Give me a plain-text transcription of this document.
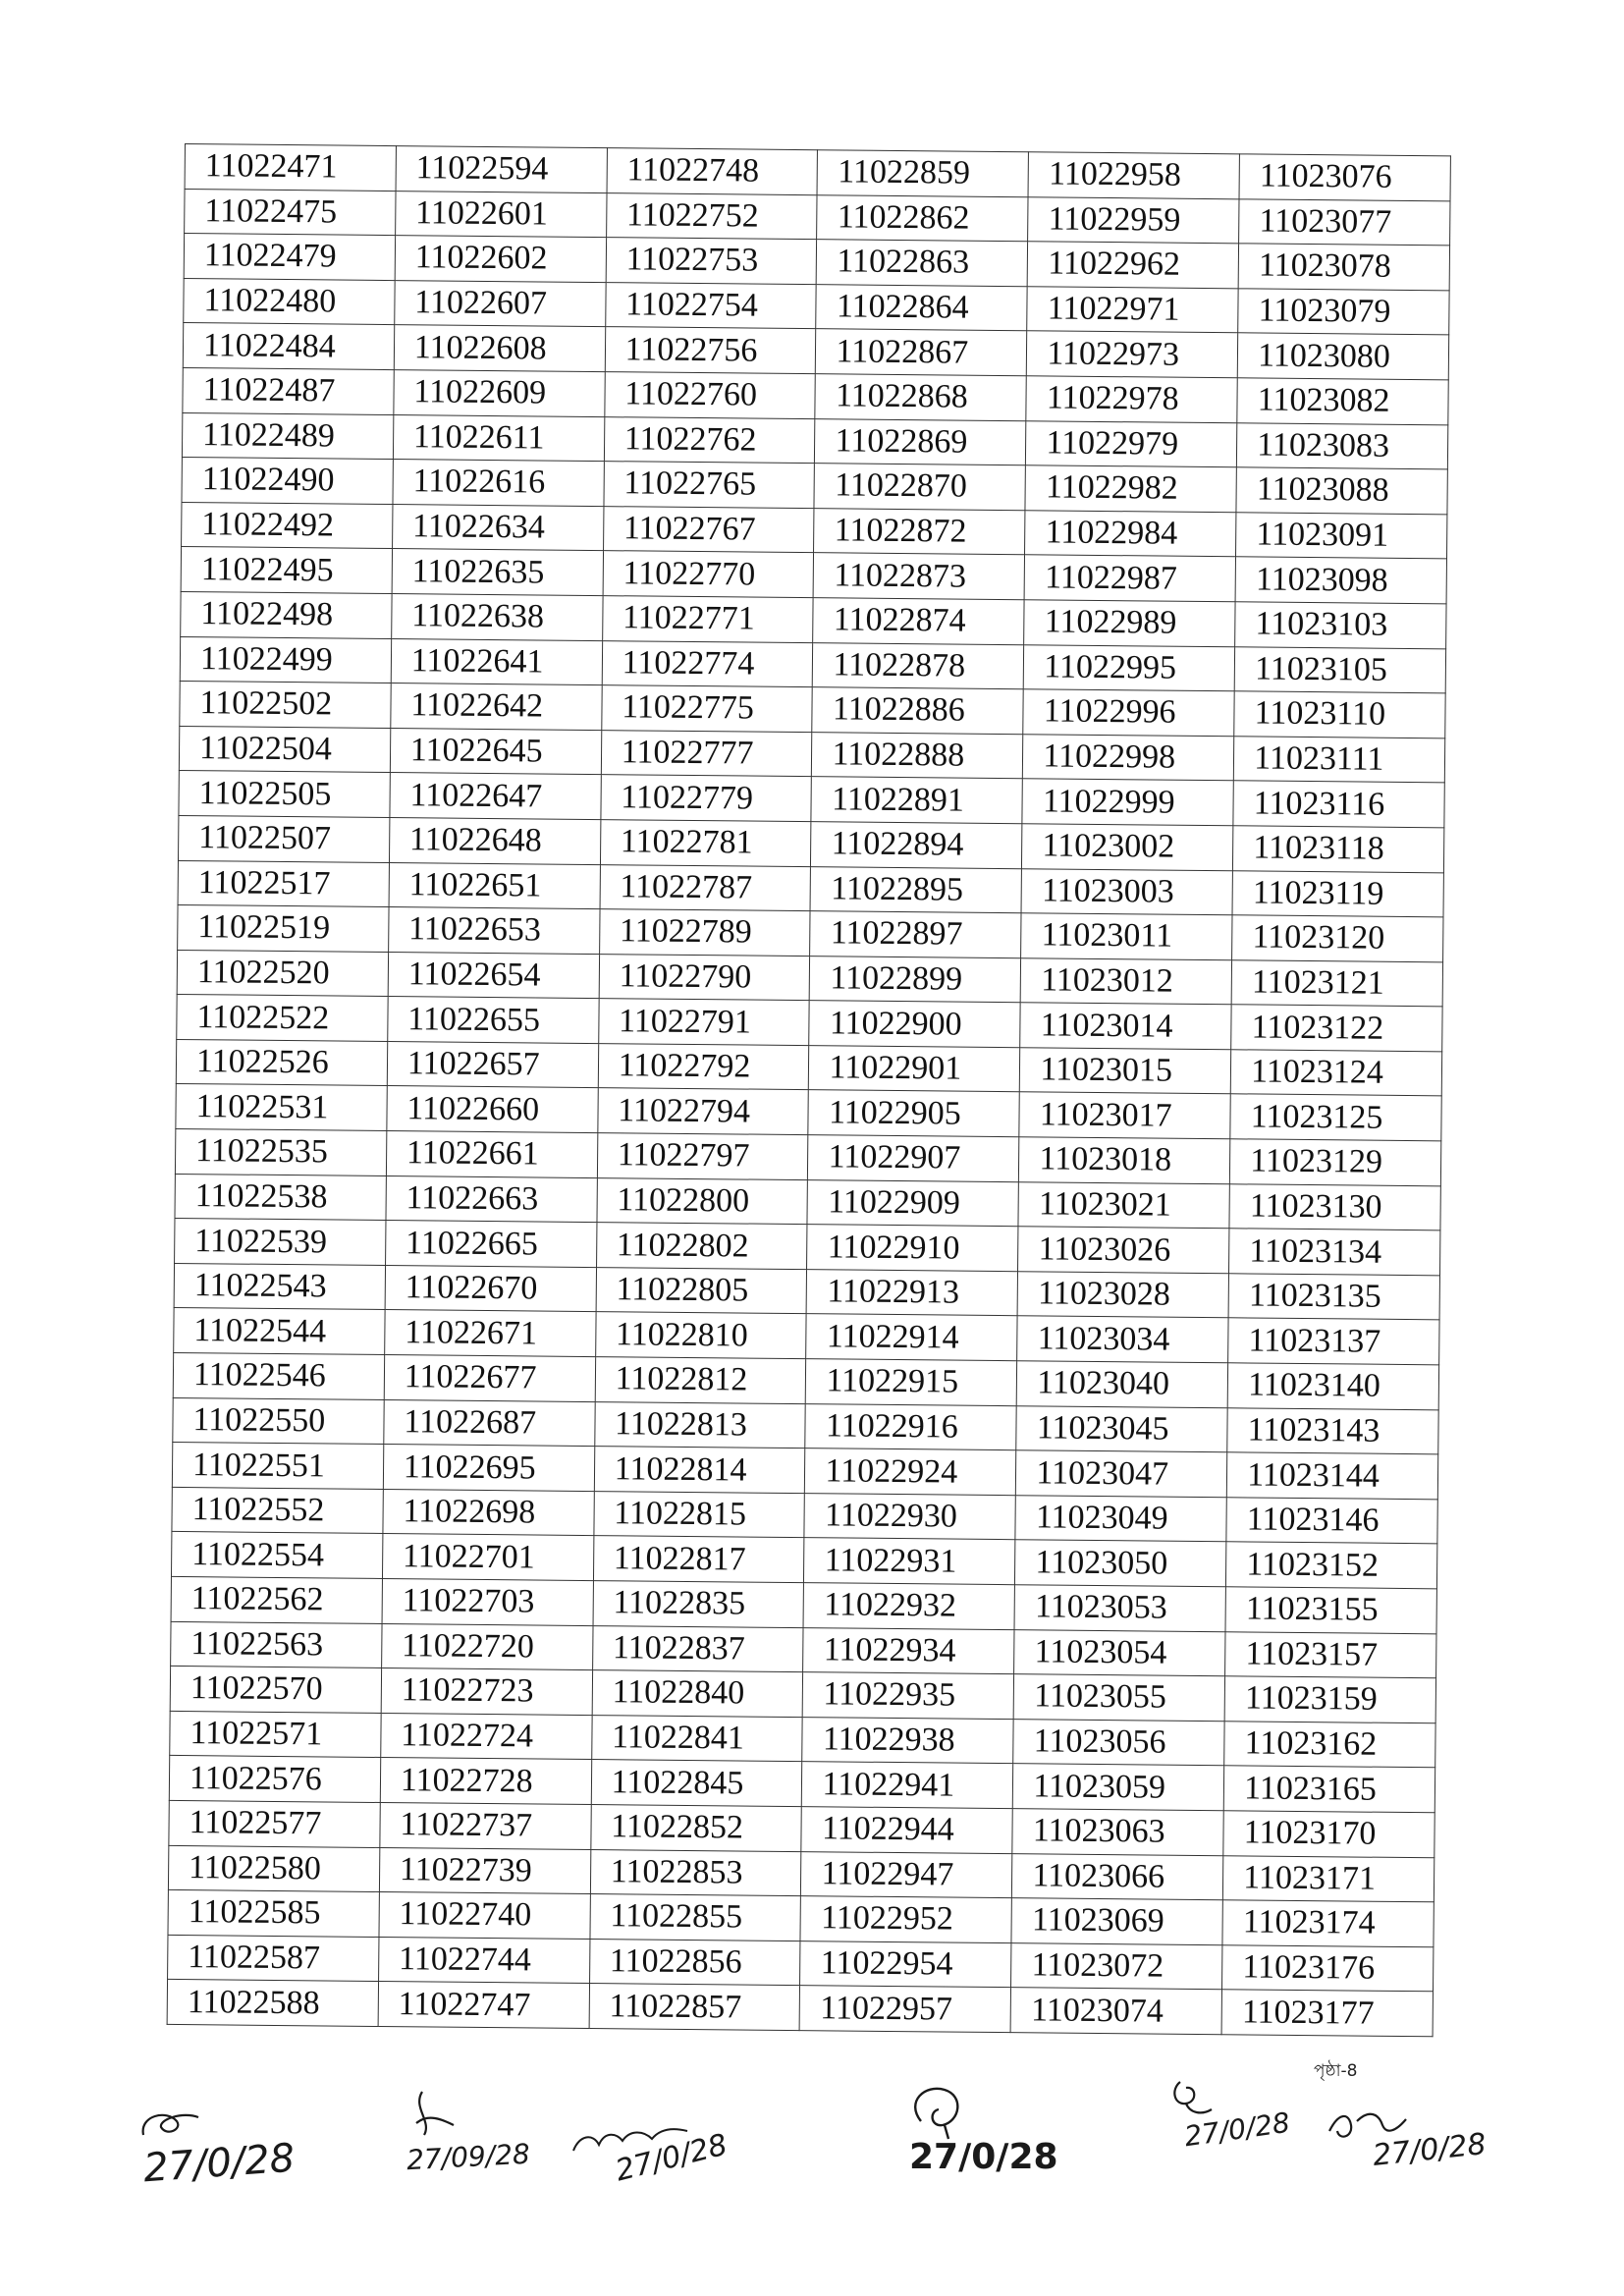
11022471	11022594	11022748	11022859	11022958	11023076
11022475	11022601	11022752	11022862	11022959	11023077
11022479	11022602	11022753	11022863	11022962	11023078
11022480	11022607	11022754	11022864	11022971	11023079
11022484	11022608	11022756	11022867	11022973	11023080
11022487	11022609	11022760	11022868	11022978	11023082
11022489	11022611	11022762	11022869	11022979	11023083
11022490	11022616	11022765	11022870	11022982	11023088
11022492	11022634	11022767	11022872	11022984	11023091
11022495	11022635	11022770	11022873	11022987	11023098
11022498	11022638	11022771	11022874	11022989	11023103
11022499	11022641	11022774	11022878	11022995	11023105
11022502	11022642	11022775	11022886	11022996	11023110
11022504	11022645	11022777	11022888	11022998	11023111
11022505	11022647	11022779	11022891	11022999	11023116
11022507	11022648	11022781	11022894	11023002	11023118
11022517	11022651	11022787	11022895	11023003	11023119
11022519	11022653	11022789	11022897	11023011	11023120
11022520	11022654	11022790	11022899	11023012	11023121
11022522	11022655	11022791	11022900	11023014	11023122
11022526	11022657	11022792	11022901	11023015	11023124
11022531	11022660	11022794	11022905	11023017	11023125
11022535	11022661	11022797	11022907	11023018	11023129
11022538	11022663	11022800	11022909	11023021	11023130
11022539	11022665	11022802	11022910	11023026	11023134
11022543	11022670	11022805	11022913	11023028	11023135
11022544	11022671	11022810	11022914	11023034	11023137
11022546	11022677	11022812	11022915	11023040	11023140
11022550	11022687	11022813	11022916	11023045	11023143
11022551	11022695	11022814	11022924	11023047	11023144
11022552	11022698	11022815	11022930	11023049	11023146
11022554	11022701	11022817	11022931	11023050	11023152
11022562	11022703	11022835	11022932	11023053	11023155
11022563	11022720	11022837	11022934	11023054	11023157
11022570	11022723	11022840	11022935	11023055	11023159
11022571	11022724	11022841	11022938	11023056	11023162
11022576	11022728	11022845	11022941	11023059	11023165
11022577	11022737	11022852	11022944	11023063	11023170
11022580	11022739	11022853	11022947	11023066	11023171
11022585	11022740	11022855	11022952	11023069	11023174
11022587	11022744	11022856	11022954	11023072	11023176
11022588	11022747	11022857	11022957	11023074	11023177
পৃষ্ঠা-8
27/0/28	27/09/28	27/0/28	27/0/28
27/0/28	27/0/28
